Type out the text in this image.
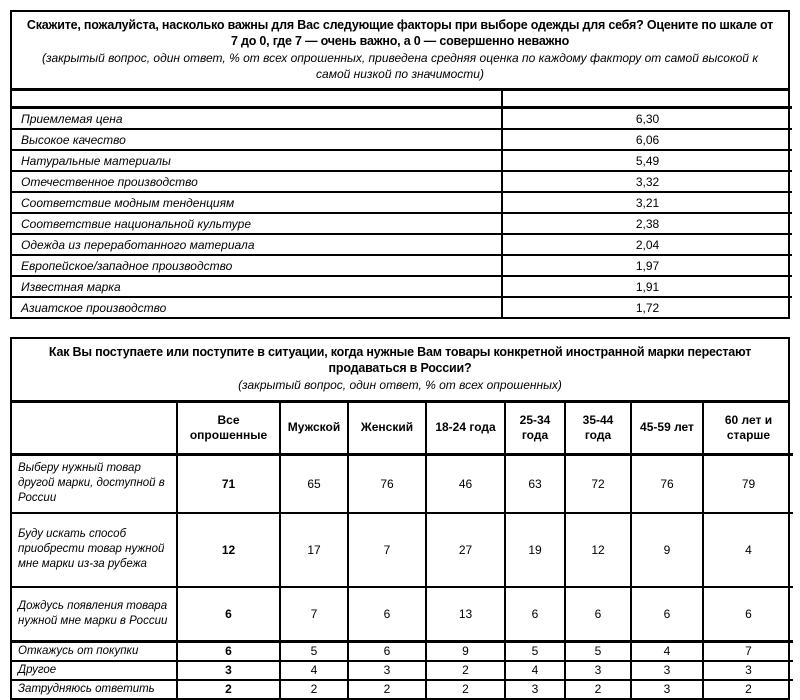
Скажите, пожалуйста, насколько важны для Вас следующие факторы при выборе одежды для себя? Оцените по шкале от 7 до 0, где 7 — очень важно, а 0 — совершенно неважно
(закрытый вопрос, один ответ, % от всех опрошенных, приведена средняя оценка по каждому фактору от самой высокой к самой низкой по значимости)

Приемлемая цена	6,30
Высокое качество	6,06
Натуральные материалы	5,49
Отечественное производство	3,32
Соответствие модным тенденциям	3,21
Соответствие национальной культуре	2,38
Одежда из переработанного материала	2,04
Европейское/западное производство	1,97
Известная марка	1,91
Азиатское производство	1,72
Как Вы поступаете или поступите в ситуации, когда нужные Вам товары конкретной иностранной марки перестают продаваться в России?
(закрытый вопрос, один ответ, % от всех опрошенных)
	Все опрошенные	Мужской	Женский	18-24 года	25-34 года	35-44 года	45-59 лет	60 лет и старше
Выберу нужный товар другой марки, доступной в России	71	65	76	46	63	72	76	79
Буду искать способ приобрести товар нужной мне марки из-за рубежа	12	17	7	27	19	12	9	4
Дождусь появления товара нужной мне марки в России	6	7	6	13	6	6	6	6
Откажусь от покупки	6	5	6	9	5	5	4	7
Другое	3	4	3	2	4	3	3	3
Затрудняюсь ответить	2	2	2	2	3	2	3	2
